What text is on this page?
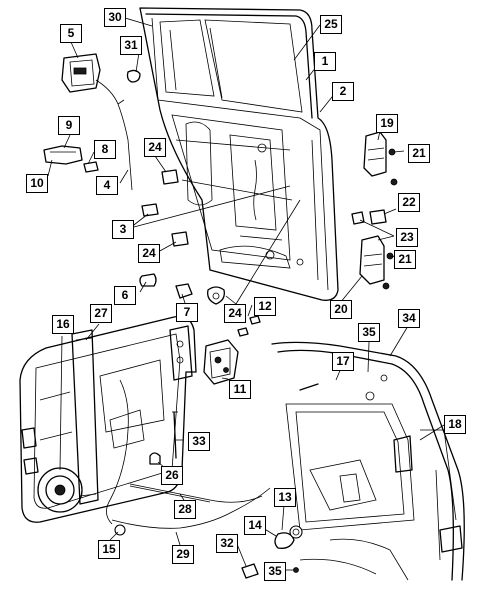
30
5
31
25
1
2
9
8
10	4
24
19
21
22
3
23
24	21
6
7	24	12	20
16
27	34
35
17
11
18
33
26
13
28
14
15	29
32
35
